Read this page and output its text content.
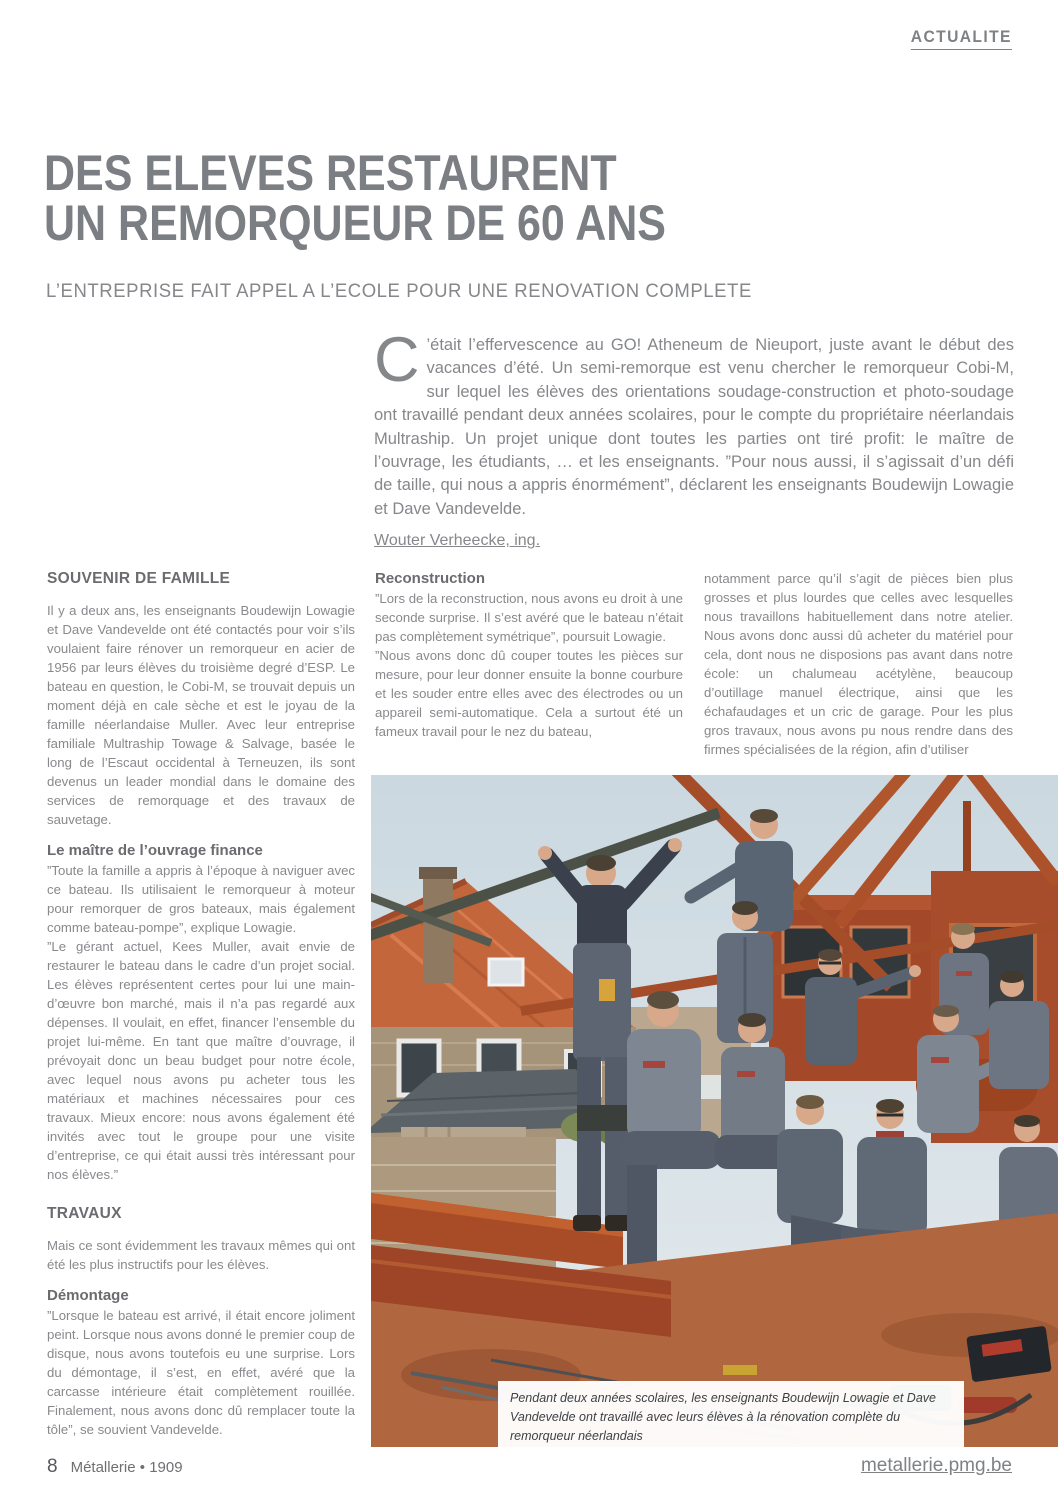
ACTUALITE
DES ELEVES RESTAURENT
UN REMORQUEUR DE 60 ANS
L’ENTREPRISE FAIT APPEL A L’ECOLE POUR UNE RENOVATION COMPLETE

C ’était l’effervescence au GO! Atheneum de Nieuport, juste avant le début des vacances d’été. Un semi-remorque est venu chercher le remorqueur Cobi-M, sur lequel les élèves des orientations soudage-construction et photo-soudage ont travaillé pendant deux années scolaires, pour le compte du propriétaire néerlandais Multraship. Un projet unique dont toutes les parties ont tiré profit: le maître de l’ouvrage, les étudiants, … et les enseignants. ”Pour nous aussi, il s’agissait d’un défi de taille, qui nous a appris énormément”, déclarent les enseignants Boudewijn Lowagie et Dave Vandevelde.

Wouter Verheecke, ing.
SOUVENIR DE FAMILLE

Il y a deux ans, les enseignants Boudewijn Lowagie et Dave Vandevelde ont été contactés pour voir s’ils voulaient faire rénover un remorqueur en acier de 1956 par leurs élèves du troisième degré d’ESP. Le bateau en question, le Cobi-M, se trouvait depuis un moment déjà en cale sèche et est le joyau de la famille néerlandaise Muller. Avec leur entreprise familiale Multraship Towage & Salvage, basée le long de l’Escaut occidental à Terneuzen, ils sont devenus un leader mondial dans le domaine des services de remorquage et des travaux de sauvetage.

Le maître de l’ouvrage finance

”Toute la famille a appris à l’époque à naviguer avec ce bateau. Ils utilisaient le remorqueur à moteur pour remorquer de gros bateaux, mais également comme bateau-pompe”, explique Lowagie.

”Le gérant actuel, Kees Muller, avait envie de restaurer le bateau dans le cadre d’un projet social. Les élèves représentent certes pour lui une main-d’œuvre bon marché, mais il n’a pas regardé aux dépenses. Il voulait, en effet, financer l’ensemble du projet lui-même. En tant que maître d’ouvrage, il prévoyait donc un beau budget pour notre école, avec lequel nous avons pu acheter tous les matériaux et machines nécessaires pour ces travaux. Mieux encore: nous avons également été invités avec tout le groupe pour une visite d’entreprise, ce qui était aussi très intéressant pour nos élèves.”

TRAVAUX

Mais ce sont évidemment les travaux mêmes qui ont été les plus instructifs pour les élèves.

Démontage

”Lorsque le bateau est arrivé, il était encore joliment peint. Lorsque nous avons donné le premier coup de disque, nous avons toutefois eu une surprise. Lors du démontage, il s’est, en effet, avéré que la carcasse intérieure était complètement rouillée. Finalement, nous avons donc dû remplacer toute la tôle”, se souvient Vandevelde.

Reconstruction

”Lors de la reconstruction, nous avons eu droit à une seconde surprise. Il s’est avéré que le bateau n’était pas complètement symétrique”, poursuit Lowagie.

”Nous avons donc dû couper toutes les pièces sur mesure, pour leur donner ensuite la bonne courbure et les souder entre elles avec des électrodes ou un appareil semi-automatique. Cela a surtout été un fameux travail pour le nez du bateau,

notamment parce qu’il s’agit de pièces bien plus grosses et plus lourdes que celles avec lesquelles nous travaillons habituellement dans notre atelier. Nous avons donc aussi dû acheter du matériel pour cela, dont nous ne disposions pas avant dans notre école: un chalumeau acétylène, beaucoup d’outillage manuel électrique, ainsi que les échafaudages et un cric de garage. Pour les plus gros travaux, nous avons pu nous rendre dans des firmes spécialisées de la région, afin d’utiliser

Pendant deux années scolaires, les enseignants Boudewijn Lowagie et Dave Vandevelde ont travaillé avec leurs élèves à la rénovation complète du remorqueur néerlandais
8 Métallerie • 1909	metallerie.pmg.be
